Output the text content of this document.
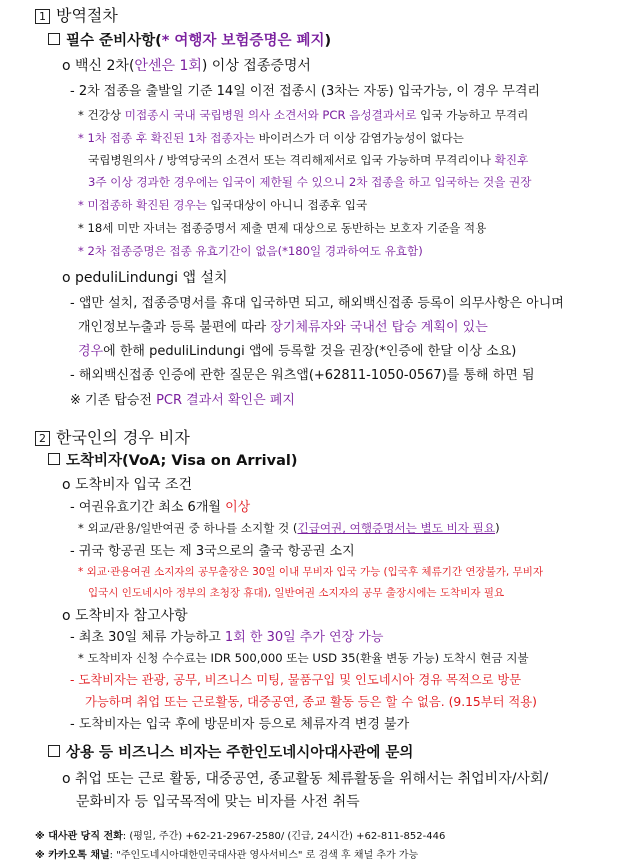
1 방역절차
필수 준비사항(* 여행자 보험증명은 폐지)
o 백신 2차(안센은 1회) 이상 접종증명서
- 2차 접종을 출발일 기준 14일 이전 접종시 (3차는 자동) 입국가능, 이 경우 무격리
* 건강상 미접종시 국내 국립병원 의사 소견서와 PCR 음성결과서로 입국 가능하고 무격리
* 1차 접종 후 확진된 1차 접종자는 바이러스가 더 이상 감염가능성이 없다는
국립병원의사 / 방역당국의 소견서 또는 격리해제서로 입국 가능하며 무격리이나 확진후
3주 이상 경과한 경우에는 입국이 제한될 수 있으니 2차 접종을 하고 입국하는 것을 권장
* 미접종하 확진된 경우는 입국대상이 아니니 접종후 입국
* 18세 미만 자녀는 접종증명서 제출 면제 대상으로 동반하는 보호자 기준을 적용
* 2차 접종증명은 접종 유효기간이 없음(*180일 경과하여도 유효함)
o peduliLindungi 앱 설치
- 앱만 설치, 접종증명서를 휴대 입국하면 되고, 해외백신접종 등록이 의무사항은 아니며
개인정보누출과 등록 불편에 따라 장기체류자와 국내선 탑승 계획이 있는
경우에 한해 peduliLindungi 앱에 등록할 것을 권장(*인증에 한달 이상 소요)
- 해외백신접종 인증에 관한 질문은 워츠앱(+62811-1050-0567)를 통해 하면 됨
※ 기존 탑승전 PCR 결과서 확인은 폐지
2 한국인의 경우 비자
도착비자(VoA; Visa on Arrival)
o 도착비자 입국 조건
- 여권유효기간 최소 6개월 이상
* 외교/관용/일반여권 중 하나를 소지할 것 (긴급여권, 여행증명서는 별도 비자 필요)
- 귀국 항공권 또는 제 3국으로의 출국 항공권 소지
* 외교·관용여권 소지자의 공무출장은 30일 이내 무비자 입국 가능 (입국후 체류기간 연장불가, 무비자
입국시 인도네시아 정부의 초청장 휴대), 일반여권 소지자의 공무 출장시에는 도착비자 필요
o 도착비자 참고사항
- 최초 30일 체류 가능하고 1회 한 30일 추가 연장 가능
* 도착비자 신청 수수료는 IDR 500,000 또는 USD 35(환율 변동 가능) 도착시 현금 지불
- 도착비자는 관광, 공무, 비즈니스 미팅, 물품구입 및 인도네시아 경유 목적으로 방문
가능하며 취업 또는 근로활동, 대중공연, 종교 활동 등은 할 수 없음. (9.15부터 적용)
- 도착비자는 입국 후에 방문비자 등으로 체류자격 변경 불가
상용 등 비즈니스 비자는 주한인도네시아대사관에 문의
o 취업 또는 근로 활동, 대중공연, 종교활동 체류활동을 위해서는 취업비자/사회/
문화비자 등 입국목적에 맞는 비자를 사전 취득
※ 대사관 당직 전화: (평일, 주간) +62-21-2967-2580/ (긴급, 24시간) +62-811-852-446
※ 카카오톡 채널: "주인도네시아대한민국대사관 영사서비스" 로 검색 후 채널 추가 가능
